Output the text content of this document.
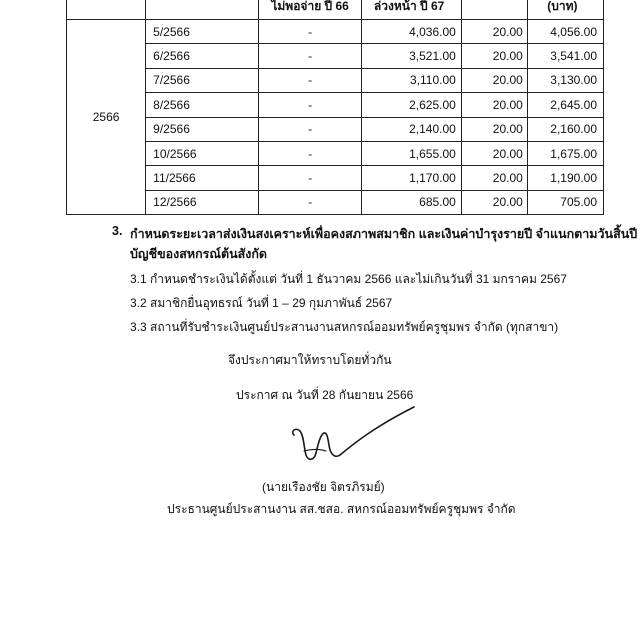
		ไม่พอจ่าย ปี 66	ล่วงหน้า ปี 67		(บาท)
2566	5/2566	-	4,036.00	20.00	4,056.00
	6/2566	-	3,521.00	20.00	3,541.00
	7/2566	-	3,110.00	20.00	3,130.00
	8/2566	-	2,625.00	20.00	2,645.00
	9/2566	-	2,140.00	20.00	2,160.00
	10/2566	-	1,655.00	20.00	1,675.00
	11/2566	-	1,170.00	20.00	1,190.00
	12/2566	-	685.00	20.00	705.00
3. กำหนดระยะเวลาส่งเงินสงเคราะห์เพื่อคงสภาพสมาชิก และเงินค่าบำรุงรายปี จำแนกตามวันสิ้นปี
บัญชีของสหกรณ์ต้นสังกัด
3.1 กำหนดชำระเงินได้ตั้งแต่ วันที่ 1 ธันวาคม 2566 และไม่เกินวันที่ 31 มกราคม 2567
3.2 สมาชิกยื่นอุทธรณ์ วันที่ 1 – 29 กุมภาพันธ์ 2567
3.3 สถานที่รับชำระเงินศูนย์ประสานงานสหกรณ์ออมทรัพย์ครูชุมพร จำกัด (ทุกสาขา)
จึงประกาศมาให้ทราบโดยทั่วกัน
ประกาศ ณ วันที่ 28 กันยายน 2566
(นายเรืองชัย จิตรภิรมย์)
ประธานศูนย์ประสานงาน สส.ชสอ. สหกรณ์ออมทรัพย์ครูชุมพร จำกัด
